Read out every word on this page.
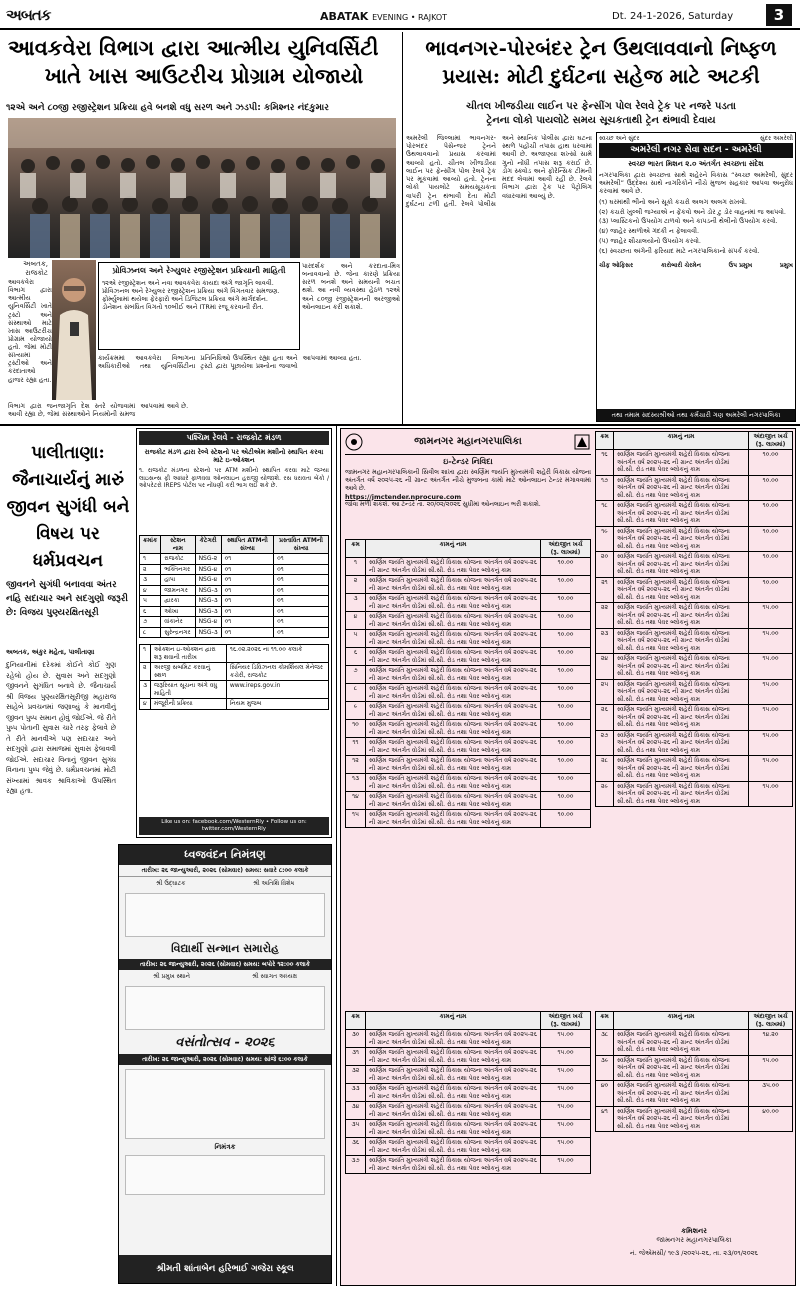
અબતક	ABATAK EVENING • RAJKOT	Dt. 24-1-2026, Saturday	3
આવકવેરા વિભાગ દ્વારા આત્મીય યુનિવર્સિટી
ખાતે ખાસ આઉટરીચ પ્રોગ્રામ યોજાયો
૧૨એ અને ૮૦જી રજીસ્ટ્રેશન પ્રક્રિયા હવે બનશે વધુ સરળ અને ઝડપી: કમિશ્નર નંદકુમાર
અબતક, રાજકોટ
આવકવેરા વિભાગ દ્વારા આત્મીય યુનિવર્સિટી ખાતે ટ્રસ્ટો અને સંસ્થાઓ માટે ખાસ આઉટરીચ પ્રોગ્રામ યોજાયો હતો. જેમાં મોટી સંખ્યામાં ટ્રસ્ટીઓ અને કરદાતાઓ હાજર રહ્યા હતા.
પ્રોવિઝનલ અને રેગ્યુલર રજીસ્ટ્રેશન પ્રક્રિયાની માહિતી
૧૨એ રજીસ્ટ્રેશન અને નવા આવકવેરા કાયદા અંગે જાગૃતિ લાવવી.
પ્રોવિઝનલ અને રેગ્યુલર રજીસ્ટ્રેશન પ્રક્રિયા અંગે વિગતવાર સમજણ.
ફોર્મ્યુલામાં થયેલા ફેરફારો અને ડિજિટલ પ્રક્રિયા અંગે માર્ગદર્શન.
ડોનેશન સંબંધિત વિગતો ૧૦બીઈ અને ITRમાં રજૂ કરવાની રીત.
પારદર્શક અને કરદાતા-મિત્ર બનાવવાનો છે. જેના કારણે પ્રક્રિયા સરળ બનશે અને સમયની બચત થશે. આ નવી વ્યવસ્થા હેઠળ ૧૨એ અને ૮૦જી રજીસ્ટ્રેશનની અરજીઓ ઓનલાઇન કરી શકાશે.
કાર્યક્રમમાં આવકવેરા વિભાગના અધિકારીઓ તથા યુનિવર્સિટીના પ્રતિનિધિઓ ઉપસ્થિત રહ્યા હતા અને ટ્રસ્ટો દ્વારા પૂછાયેલા પ્રશ્નોના જવાબો આપવામાં આવ્યા હતા.
વિભાગ દ્વારા જનજાગૃતિ દેશ સ્તરે યોજવામાં આવી રહ્યા છે, જેમાં સંસ્થાઓને નિયમોની સમજ આપવામાં આવે છે.
ભાવનગર-પોરબંદર ટ્રેન ઉથલાવવાનો નિષ્ફળ
પ્રયાસ: મોટી દુર્ઘટના સહેજ માટે અટકી
ચીતલ ખીજડીયા લાઈન પર ફેન્સીંગ પોલ રેલવે ટ્રેક પર નજરે પડતા
ટ્રેનના લોકો પાયલોટે સમય સૂચકતાથી ટ્રેન થંભાવી દેવાય
અમરેલી જિલ્લામાં ભાવનગર-પોરબંદર પેસેન્જર ટ્રેનને ઉથલાવવાનો પ્રયાસ કરવામાં આવ્યો હતો. ચીતલ ખીજડીયા લાઈન પર ફેન્સીંગ પોલ રેલવે ટ્રેક પર મૂકવામાં આવ્યો હતો. ટ્રેનના લોકો પાયલોટે સમયસૂચકતા વાપરી ટ્રેન થંભાવી દેતા મોટી દુર્ઘટના ટળી હતી. રેલવે પોલીસ અને સ્થાનિક પોલીસ દ્વારા ઘટના સ્થળે પહોંચી તપાસ હાથ ધરવામાં આવી છે. અજાણ્યા શખ્સો સામે ગુનો નોંધી તપાસ શરૂ કરાઈ છે. ડોગ સ્ક્વોડ અને ફોરેન્સિક ટીમની મદદ લેવામાં આવી રહી છે. રેલવે વિભાગ દ્વારા ટ્રેક પર પેટ્રોલિંગ વધારવામાં આવ્યું છે.
સ્વચ્છ અને સુંદર	સુંદર અમરેલી
અમરેલી નગર સેવા સદન - અમરેલી
સ્વચ્છ ભારત મિશન ૨.૦ અંતર્ગત સ્વચ્છતા સંદેશ
નગરપાલિકા દ્વારા સ્વચ્છતા સાથે શહેરને વિકાસ “સ્વચ્છ અમરેલી, સુંદર અમરેલી” ઉદ્દેશ્ય સાથે નાગરિકોને નીચે મુજબ સહકાર આપવા અનુરોધ કરવામાં આવે છે.
(૧) ઘરમાંથી ભીનો અને સૂકો કચરો અલગ અલગ રાખવો.
(૨) કચરો ખુલ્લી જગ્યાએ ન ફેંકવો અને ડોર ટુ ડોર વાહનમાં જ આપવો.
(૩) પ્લાસ્ટિકનો ઉપયોગ ટાળવો અને કાપડની થેલીનો ઉપયોગ કરવો.
(૪) જાહેર સ્થળોએ ગંદકી ન ફેલાવવી.
(૫) જાહેર શૌચાલયોનો ઉપયોગ કરવો.
(૬) સ્વચ્છતા અંગેની ફરિયાદ માટે નગરપાલિકાનો સંપર્ક કરવો.
ચીફ ઓફિસર	કારોબારી ચેરમેન	ઉપ પ્રમુખ	પ્રમુખ
તથા તમામ સદસ્યશ્રીઓ તથા કર્મચારી ગણ અમરેલી નગરપાલિકા
પાલીતાણા: જૈનાચાર્યનું મારું જીવન સુગંધી બને વિષય પર ધર્મપ્રવચન
જીવનને સુગંધી બનાવવા અંતર નહિ સદાચાર અને સદગુણો જરૂરી છે: વિજય પુણ્યરક્ષિતસૂરી
અબતક, અંકુર મહેતા, પાલીતાણા
દુનિયાનીમાં દરેકમાં કોઈને કોઈ ગુણ રહેલો હોય છે. સુવાસ અને સદગુણો જીવનને સુગંધિત બનાવે છે. જૈનાચાર્ય શ્રી વિજય પુણ્યરક્ષિતસૂરીજી મહારાજ સાહેબે પ્રવચનમાં જણાવ્યું કે માનવીનું જીવન પુષ્પ સમાન હોવું જોઈએ. જે રીતે પુષ્પ પોતાની સુવાસ ચારે તરફ ફેલાવે છે તે રીતે માનવીએ પણ સદાચાર અને સદગુણો દ્વારા સમાજમાં સુવાસ ફેલાવવી જોઈએ. સદાચાર વિનાનું જીવન સુગંધ વિનાના પુષ્પ જેવું છે. ધર્મપ્રવચનમાં મોટી સંખ્યામાં શ્રાવક શ્રાવિકાઓ ઉપસ્થિત રહ્યા હતા.
પશ્ચિમ રેલવે - રાજકોટ મંડળ
રાજકોટ મંડળ દ્વારા રેલ્વે સ્ટેશનો પર એટીએમ મશીનો સ્થાપિત કરવા માટે ઇ-ઓક્શન
૧. રાજકોટ મંડળના સ્ટેશનો પર ATM મશીનો સ્થાપિત કરવા માટે જગ્યા લાઇસન્સ ફી આધારે ફાળવવા ઓનલાઇન હરાજી યોજાશે. રસ ધરાવતા બેંકો / ઓપરેટરો IREPS પોર્ટલ પર નોંધણી કરી ભાગ લઈ શકે છે.
ક્રમાંક	સ્ટેશન નામ	કેટેગરી	સ્થાપિત ATMની સંખ્યા	પ્રસ્તાવિત ATMની સંખ્યા
૧	રાજકોટ	NSG-૨	૦૧	૦૧
૨	ભક્તિનગર	NSG-૪	૦૧	૦૧
૩	હાપા	NSG-૪	૦૧	૦૧
૪	જામનગર	NSG-૩	૦૧	૦૧
૫	દ્વારકા	NSG-૩	૦૧	૦૧
૬	ઓખા	NSG-૩	૦૧	૦૧
૭	વાંકાનેર	NSG-૪	૦૧	૦૧
૮	સુરેન્દ્રનગર	NSG-૩	૦૧	૦૧
૧	ઓક્શન ઇ-ઓક્શન દ્વારા શરૂ થવાની તારીખ	૧૬.૦૨.૨૦૨૬ ના ૧૧.૦૦ કલાકે
૨	અરજી સબમિટ કરવાનું સ્થળ	સિનિયર ડિવિઝનલ કોમર્શિયલ મેનેજર કચેરી, રાજકોટ
૩	જરૂરિયાત સૂચના અંગે વધુ માહિતી	www.ireps.gov.in
૪	મંજૂરીની પ્રક્રિયા	નિયમ મુજબ
Like us on: facebook.com/WesternRly • Follow us on: twitter.com/WesternRly
ધ્વજવંદન નિમંત્રણ
તારીખ: ૨૬ જાન્યુઆરી, ૨૦૨૬ (સોમવાર) સમય: સવારે ૮:૦૦ કલાકે
શ્રી ઉદ્ઘાટક	શ્રી અતિથિ વિશેષ
વિદ્યાર્થી સન્માન સમારોહ
તારીખ: ૨૬ જાન્યુઆરી, ૨૦૨૬ (સોમવાર) સમય: બપોરે ૧૨:૦૦ કલાકે
શ્રી પ્રમુખ સ્થાને	શ્રી સ્વાગત અધ્યક્ષ
વસંતોત્સવ - ૨૦૨૬
તારીખ: ૨૬ જાન્યુઆરી, ૨૦૨૬ (સોમવાર) સમય: સાંજે ૬:૦૦ કલાકે
નિમંત્રક
શ્રીમતી શાંતાબેન હરિભાઈ ગજેરા સ્કૂલ
જામનગર મહાનગરપાલિકા
ઇ-ટેન્ડર નિવિદા
જામનગર મહાનગરપાલિકાની સિવીલ શાખા દ્વારા સ્વર્ણિમ જયંતિ મુખ્યમંત્રી શહેરી વિકાસ યોજના અંતર્ગત વર્ષ ૨૦૨૫-૨૬ ની ગ્રાન્ટ અંતર્ગત નીચે મુજબના કામો માટે ઓનલાઇન ટેન્ડર મંગાવવામાં આવે છે.
https://jmctender.nprocure.com
જોવા મળી શકશે. આ ટેન્ડર તા. ૨૦/૦૨/૨૦૨૬ સુધીમાં ઓનલાઇન ભરી શકાશે.
ક્રમ	કામનું નામ	અંદાજીત ખર્ચ (રૂ. લાખમાં)
૧	સ્વર્ણિમ જયંતિ મુખ્યમંત્રી શહેરી વિકાસ યોજના અંતર્ગત વર્ષ ૨૦૨૫-૨૬ ની ગ્રાન્ટ અંતર્ગત વોર્ડમાં સી.સી. રોડ તથા પેવર બ્લોકનું કામ	૧૦.૦૦
૨	સ્વર્ણિમ જયંતિ મુખ્યમંત્રી શહેરી વિકાસ યોજના અંતર્ગત વર્ષ ૨૦૨૫-૨૬ ની ગ્રાન્ટ અંતર્ગત વોર્ડમાં સી.સી. રોડ તથા પેવર બ્લોકનું કામ	૧૦.૦૦
૩	સ્વર્ણિમ જયંતિ મુખ્યમંત્રી શહેરી વિકાસ યોજના અંતર્ગત વર્ષ ૨૦૨૫-૨૬ ની ગ્રાન્ટ અંતર્ગત વોર્ડમાં સી.સી. રોડ તથા પેવર બ્લોકનું કામ	૧૦.૦૦
૪	સ્વર્ણિમ જયંતિ મુખ્યમંત્રી શહેરી વિકાસ યોજના અંતર્ગત વર્ષ ૨૦૨૫-૨૬ ની ગ્રાન્ટ અંતર્ગત વોર્ડમાં સી.સી. રોડ તથા પેવર બ્લોકનું કામ	૧૦.૦૦
૫	સ્વર્ણિમ જયંતિ મુખ્યમંત્રી શહેરી વિકાસ યોજના અંતર્ગત વર્ષ ૨૦૨૫-૨૬ ની ગ્રાન્ટ અંતર્ગત વોર્ડમાં સી.સી. રોડ તથા પેવર બ્લોકનું કામ	૧૦.૦૦
૬	સ્વર્ણિમ જયંતિ મુખ્યમંત્રી શહેરી વિકાસ યોજના અંતર્ગત વર્ષ ૨૦૨૫-૨૬ ની ગ્રાન્ટ અંતર્ગત વોર્ડમાં સી.સી. રોડ તથા પેવર બ્લોકનું કામ	૧૦.૦૦
૭	સ્વર્ણિમ જયંતિ મુખ્યમંત્રી શહેરી વિકાસ યોજના અંતર્ગત વર્ષ ૨૦૨૫-૨૬ ની ગ્રાન્ટ અંતર્ગત વોર્ડમાં સી.સી. રોડ તથા પેવર બ્લોકનું કામ	૧૦.૦૦
૮	સ્વર્ણિમ જયંતિ મુખ્યમંત્રી શહેરી વિકાસ યોજના અંતર્ગત વર્ષ ૨૦૨૫-૨૬ ની ગ્રાન્ટ અંતર્ગત વોર્ડમાં સી.સી. રોડ તથા પેવર બ્લોકનું કામ	૧૦.૦૦
૯	સ્વર્ણિમ જયંતિ મુખ્યમંત્રી શહેરી વિકાસ યોજના અંતર્ગત વર્ષ ૨૦૨૫-૨૬ ની ગ્રાન્ટ અંતર્ગત વોર્ડમાં સી.સી. રોડ તથા પેવર બ્લોકનું કામ	૧૦.૦૦
૧૦	સ્વર્ણિમ જયંતિ મુખ્યમંત્રી શહેરી વિકાસ યોજના અંતર્ગત વર્ષ ૨૦૨૫-૨૬ ની ગ્રાન્ટ અંતર્ગત વોર્ડમાં સી.સી. રોડ તથા પેવર બ્લોકનું કામ	૧૦.૦૦
૧૧	સ્વર્ણિમ જયંતિ મુખ્યમંત્રી શહેરી વિકાસ યોજના અંતર્ગત વર્ષ ૨૦૨૫-૨૬ ની ગ્રાન્ટ અંતર્ગત વોર્ડમાં સી.સી. રોડ તથા પેવર બ્લોકનું કામ	૧૦.૦૦
૧૨	સ્વર્ણિમ જયંતિ મુખ્યમંત્રી શહેરી વિકાસ યોજના અંતર્ગત વર્ષ ૨૦૨૫-૨૬ ની ગ્રાન્ટ અંતર્ગત વોર્ડમાં સી.સી. રોડ તથા પેવર બ્લોકનું કામ	૧૦.૦૦
૧૩	સ્વર્ણિમ જયંતિ મુખ્યમંત્રી શહેરી વિકાસ યોજના અંતર્ગત વર્ષ ૨૦૨૫-૨૬ ની ગ્રાન્ટ અંતર્ગત વોર્ડમાં સી.સી. રોડ તથા પેવર બ્લોકનું કામ	૧૦.૦૦
૧૪	સ્વર્ણિમ જયંતિ મુખ્યમંત્રી શહેરી વિકાસ યોજના અંતર્ગત વર્ષ ૨૦૨૫-૨૬ ની ગ્રાન્ટ અંતર્ગત વોર્ડમાં સી.સી. રોડ તથા પેવર બ્લોકનું કામ	૧૦.૦૦
૧૫	સ્વર્ણિમ જયંતિ મુખ્યમંત્રી શહેરી વિકાસ યોજના અંતર્ગત વર્ષ ૨૦૨૫-૨૬ ની ગ્રાન્ટ અંતર્ગત વોર્ડમાં સી.સી. રોડ તથા પેવર બ્લોકનું કામ	૧૦.૦૦
ક્રમ	કામનું નામ	અંદાજીત ખર્ચ (રૂ. લાખમાં)
૧૬	સ્વર્ણિમ જયંતિ મુખ્યમંત્રી શહેરી વિકાસ યોજના અંતર્ગત વર્ષ ૨૦૨૫-૨૬ ની ગ્રાન્ટ અંતર્ગત વોર્ડમાં સી.સી. રોડ તથા પેવર બ્લોકનું કામ	૧૦.૦૦
૧૭	સ્વર્ણિમ જયંતિ મુખ્યમંત્રી શહેરી વિકાસ યોજના અંતર્ગત વર્ષ ૨૦૨૫-૨૬ ની ગ્રાન્ટ અંતર્ગત વોર્ડમાં સી.સી. રોડ તથા પેવર બ્લોકનું કામ	૧૦.૦૦
૧૮	સ્વર્ણિમ જયંતિ મુખ્યમંત્રી શહેરી વિકાસ યોજના અંતર્ગત વર્ષ ૨૦૨૫-૨૬ ની ગ્રાન્ટ અંતર્ગત વોર્ડમાં સી.સી. રોડ તથા પેવર બ્લોકનું કામ	૧૦.૦૦
૧૯	સ્વર્ણિમ જયંતિ મુખ્યમંત્રી શહેરી વિકાસ યોજના અંતર્ગત વર્ષ ૨૦૨૫-૨૬ ની ગ્રાન્ટ અંતર્ગત વોર્ડમાં સી.સી. રોડ તથા પેવર બ્લોકનું કામ	૧૦.૦૦
૨૦	સ્વર્ણિમ જયંતિ મુખ્યમંત્રી શહેરી વિકાસ યોજના અંતર્ગત વર્ષ ૨૦૨૫-૨૬ ની ગ્રાન્ટ અંતર્ગત વોર્ડમાં સી.સી. રોડ તથા પેવર બ્લોકનું કામ	૧૦.૦૦
૨૧	સ્વર્ણિમ જયંતિ મુખ્યમંત્રી શહેરી વિકાસ યોજના અંતર્ગત વર્ષ ૨૦૨૫-૨૬ ની ગ્રાન્ટ અંતર્ગત વોર્ડમાં સી.સી. રોડ તથા પેવર બ્લોકનું કામ	૧૦.૦૦
૨૨	સ્વર્ણિમ જયંતિ મુખ્યમંત્રી શહેરી વિકાસ યોજના અંતર્ગત વર્ષ ૨૦૨૫-૨૬ ની ગ્રાન્ટ અંતર્ગત વોર્ડમાં સી.સી. રોડ તથા પેવર બ્લોકનું કામ	૧૫.૦૦
૨૩	સ્વર્ણિમ જયંતિ મુખ્યમંત્રી શહેરી વિકાસ યોજના અંતર્ગત વર્ષ ૨૦૨૫-૨૬ ની ગ્રાન્ટ અંતર્ગત વોર્ડમાં સી.સી. રોડ તથા પેવર બ્લોકનું કામ	૧૫.૦૦
૨૪	સ્વર્ણિમ જયંતિ મુખ્યમંત્રી શહેરી વિકાસ યોજના અંતર્ગત વર્ષ ૨૦૨૫-૨૬ ની ગ્રાન્ટ અંતર્ગત વોર્ડમાં સી.સી. રોડ તથા પેવર બ્લોકનું કામ	૧૫.૦૦
૨૫	સ્વર્ણિમ જયંતિ મુખ્યમંત્રી શહેરી વિકાસ યોજના અંતર્ગત વર્ષ ૨૦૨૫-૨૬ ની ગ્રાન્ટ અંતર્ગત વોર્ડમાં સી.સી. રોડ તથા પેવર બ્લોકનું કામ	૧૫.૦૦
૨૬	સ્વર્ણિમ જયંતિ મુખ્યમંત્રી શહેરી વિકાસ યોજના અંતર્ગત વર્ષ ૨૦૨૫-૨૬ ની ગ્રાન્ટ અંતર્ગત વોર્ડમાં સી.સી. રોડ તથા પેવર બ્લોકનું કામ	૧૫.૦૦
૨૭	સ્વર્ણિમ જયંતિ મુખ્યમંત્રી શહેરી વિકાસ યોજના અંતર્ગત વર્ષ ૨૦૨૫-૨૬ ની ગ્રાન્ટ અંતર્ગત વોર્ડમાં સી.સી. રોડ તથા પેવર બ્લોકનું કામ	૧૫.૦૦
૨૮	સ્વર્ણિમ જયંતિ મુખ્યમંત્રી શહેરી વિકાસ યોજના અંતર્ગત વર્ષ ૨૦૨૫-૨૬ ની ગ્રાન્ટ અંતર્ગત વોર્ડમાં સી.સી. રોડ તથા પેવર બ્લોકનું કામ	૧૫.૦૦
૨૯	સ્વર્ણિમ જયંતિ મુખ્યમંત્રી શહેરી વિકાસ યોજના અંતર્ગત વર્ષ ૨૦૨૫-૨૬ ની ગ્રાન્ટ અંતર્ગત વોર્ડમાં સી.સી. રોડ તથા પેવર બ્લોકનું કામ	૧૫.૦૦
ક્રમ	કામનું નામ	અંદાજીત ખર્ચ (રૂ. લાખમાં)
૩૦	સ્વર્ણિમ જયંતિ મુખ્યમંત્રી શહેરી વિકાસ યોજના અંતર્ગત વર્ષ ૨૦૨૫-૨૬ ની ગ્રાન્ટ અંતર્ગત વોર્ડમાં સી.સી. રોડ તથા પેવર બ્લોકનું કામ	૧૫.૦૦
૩૧	સ્વર્ણિમ જયંતિ મુખ્યમંત્રી શહેરી વિકાસ યોજના અંતર્ગત વર્ષ ૨૦૨૫-૨૬ ની ગ્રાન્ટ અંતર્ગત વોર્ડમાં સી.સી. રોડ તથા પેવર બ્લોકનું કામ	૧૫.૦૦
૩૨	સ્વર્ણિમ જયંતિ મુખ્યમંત્રી શહેરી વિકાસ યોજના અંતર્ગત વર્ષ ૨૦૨૫-૨૬ ની ગ્રાન્ટ અંતર્ગત વોર્ડમાં સી.સી. રોડ તથા પેવર બ્લોકનું કામ	૧૫.૦૦
૩૩	સ્વર્ણિમ જયંતિ મુખ્યમંત્રી શહેરી વિકાસ યોજના અંતર્ગત વર્ષ ૨૦૨૫-૨૬ ની ગ્રાન્ટ અંતર્ગત વોર્ડમાં સી.સી. રોડ તથા પેવર બ્લોકનું કામ	૧૫.૦૦
૩૪	સ્વર્ણિમ જયંતિ મુખ્યમંત્રી શહેરી વિકાસ યોજના અંતર્ગત વર્ષ ૨૦૨૫-૨૬ ની ગ્રાન્ટ અંતર્ગત વોર્ડમાં સી.સી. રોડ તથા પેવર બ્લોકનું કામ	૧૫.૦૦
૩૫	સ્વર્ણિમ જયંતિ મુખ્યમંત્રી શહેરી વિકાસ યોજના અંતર્ગત વર્ષ ૨૦૨૫-૨૬ ની ગ્રાન્ટ અંતર્ગત વોર્ડમાં સી.સી. રોડ તથા પેવર બ્લોકનું કામ	૧૫.૦૦
૩૬	સ્વર્ણિમ જયંતિ મુખ્યમંત્રી શહેરી વિકાસ યોજના અંતર્ગત વર્ષ ૨૦૨૫-૨૬ ની ગ્રાન્ટ અંતર્ગત વોર્ડમાં સી.સી. રોડ તથા પેવર બ્લોકનું કામ	૧૫.૦૦
૩૭	સ્વર્ણિમ જયંતિ મુખ્યમંત્રી શહેરી વિકાસ યોજના અંતર્ગત વર્ષ ૨૦૨૫-૨૬ ની ગ્રાન્ટ અંતર્ગત વોર્ડમાં સી.સી. રોડ તથા પેવર બ્લોકનું કામ	૧૫.૦૦
ક્રમ	કામનું નામ	અંદાજીત ખર્ચ (રૂ. લાખમાં)
૩૮	સ્વર્ણિમ જયંતિ મુખ્યમંત્રી શહેરી વિકાસ યોજના અંતર્ગત વર્ષ ૨૦૨૫-૨૬ ની ગ્રાન્ટ અંતર્ગત વોર્ડમાં સી.સી. રોડ તથા પેવર બ્લોકનું કામ	૧૪.૨૦
૩૯	સ્વર્ણિમ જયંતિ મુખ્યમંત્રી શહેરી વિકાસ યોજના અંતર્ગત વર્ષ ૨૦૨૫-૨૬ ની ગ્રાન્ટ અંતર્ગત વોર્ડમાં સી.સી. રોડ તથા પેવર બ્લોકનું કામ	૧૫.૦૦
૪૦	સ્વર્ણિમ જયંતિ મુખ્યમંત્રી શહેરી વિકાસ યોજના અંતર્ગત વર્ષ ૨૦૨૫-૨૬ ની ગ્રાન્ટ અંતર્ગત વોર્ડમાં સી.સી. રોડ તથા પેવર બ્લોકનું કામ	૩૫.૦૦
૪૧	સ્વર્ણિમ જયંતિ મુખ્યમંત્રી શહેરી વિકાસ યોજના અંતર્ગત વર્ષ ૨૦૨૫-૨૬ ની ગ્રાન્ટ અંતર્ગત વોર્ડમાં સી.સી. રોડ તથા પેવર બ્લોકનું કામ	૪૦.૦૦
કમિશનર
જામનગર મહાનગરપાલિકા
નં. જેએમસી/ ૧૯૩ /૨૦૨૫-૨૬, તા. ૨૩/૦૧/૨૦૨૬
